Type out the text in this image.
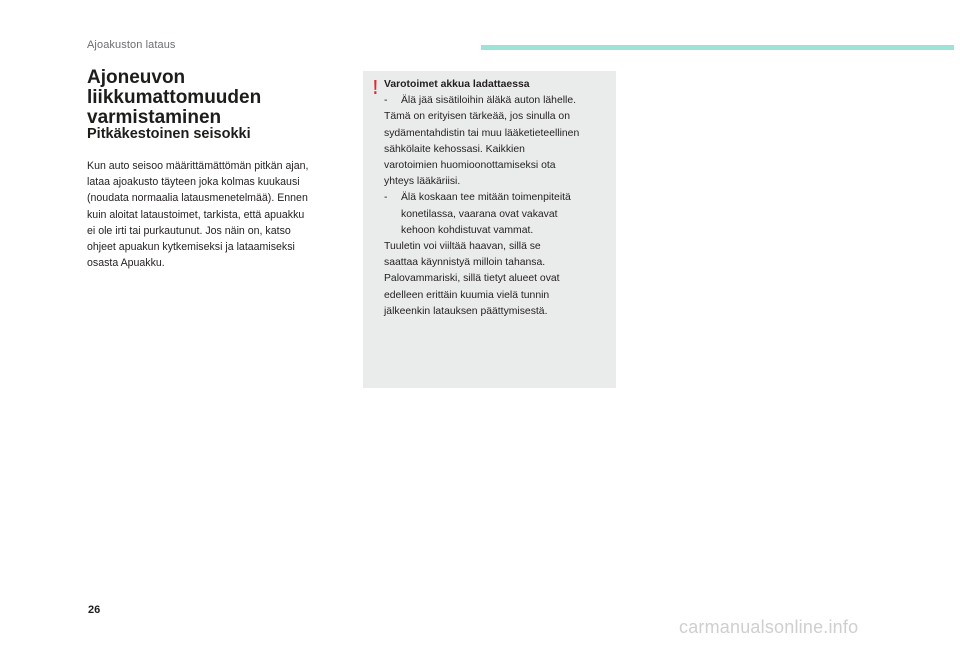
Ajoakuston lataus
Ajoneuvon
liikkumattomuuden
varmistaminen
Pitkäkestoinen seisokki
Kun auto seisoo määrittämättömän pitkän ajan,
lataa ajoakusto täyteen joka kolmas kuukausi
(noudata normaalia latausmenetelmää). Ennen
kuin aloitat lataustoimet, tarkista, että apuakku
ei ole irti tai purkautunut. Jos näin on, katso
ohjeet apuakun kytkemiseksi ja lataamiseksi
osasta Apuakku.
! Varotoimet akkua ladattaessa
- Älä jää sisätiloihin äläkä auton lähelle.
Tämä on erityisen tärkeää, jos sinulla on
sydämentahdistin tai muu lääketieteellinen
sähkölaite kehossasi. Kaikkien
varotoimien huomioonottamiseksi ota
yhteys lääkäriisi.
- Älä koskaan tee mitään toimenpiteitä
konetilassa, vaarana ovat vakavat
kehoon kohdistuvat vammat.
Tuuletin voi viiltää haavan, sillä se
saattaa käynnistyä milloin tahansa.
Palovammariski, sillä tietyt alueet ovat
edelleen erittäin kuumia vielä tunnin
jälkeenkin latauksen päättymisestä.
26
carmanualsonline.info
